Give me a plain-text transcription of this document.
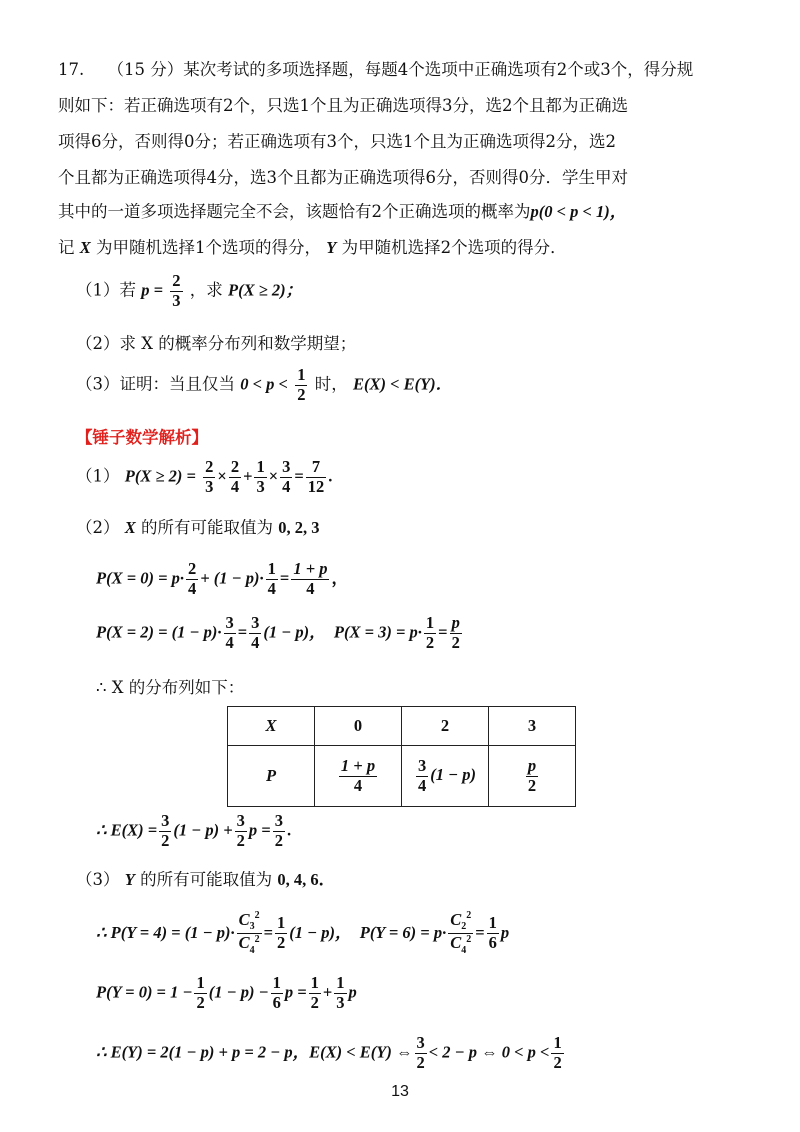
17. （15 分）某次考试的多项选择题，每题4个选项中正确选项有2个或3个，得分规
则如下：若正确选项有2个，只选1个且为正确选项得3分，选2个且都为正确选
项得6分，否则得0分；若正确选项有3个，只选1个且为正确选项得2分，选2
个且都为正确选项得4分，选3个且都为正确选项得6分，否则得0分．学生甲对
其中的一道多项选择题完全不会，该题恰有2个正确选项的概率为p(0 < p < 1)，
记 X 为甲随机选择1个选项的得分， Y 为甲随机选择2个选项的得分．
（1）若 $p = \frac{2}{3}$ ，求 P(X ≥ 2)；
（2）求 X 的概率分布列和数学期望；
（3）证明：当且仅当 $0 < p < \frac{1}{2}$ 时， E(X) < E(Y)．
【锤子数学解析】
（1） $P(X \ge 2) = \frac{2}{3} \times \frac{2}{4} + \frac{1}{3} \times \frac{3}{4} = \frac{7}{12}$ .
（2） X 的所有可能取值为 0, 2, 3
$P(X = 0) = p\cdot \frac{2}{4} + (1 - p)\cdot \frac{1}{4} = \frac{1 + p}{4}$ ，
$P(X = 2) = (1 - p)\cdot \frac{3}{4} = \frac{3}{4} (1 - p)$，  $P(X = 3) = p\cdot \frac{1}{2} = \frac{p}{2}$
∴ X 的分布列如下：
X	0	2	3
P	$\frac{1 + p}{4}$	$\frac{3}{4} (1 - p)$	$\frac{p}{2}$
∴ $E(X) = \frac{3}{2} (1 - p) + \frac{3}{2}$ $p = \frac{3}{2}$ .
（3） Y 的所有可能取值为 0, 4, 6．
∴ $P(Y = 4) = (1 - p)\cdot \frac{C_3^2}{C_4^2} = \frac{1}{2} (1 - p)$，  $P(Y = 6) = p\cdot \frac{C_2^2}{C_4^2} = \frac{1}{6}$ p
$P(Y = 0) = 1 - \frac{1}{2} (1 - p) - \frac{1}{6}$ $p = \frac{1}{2} + \frac{1}{3}$ p
∴ E(Y) = 2(1 − p) + p = 2 − p，E(X) < E(Y) ⇔ $\frac{3}{2} < 2 - p$ ⇔ $0 < p < \frac{1}{2}$
13
